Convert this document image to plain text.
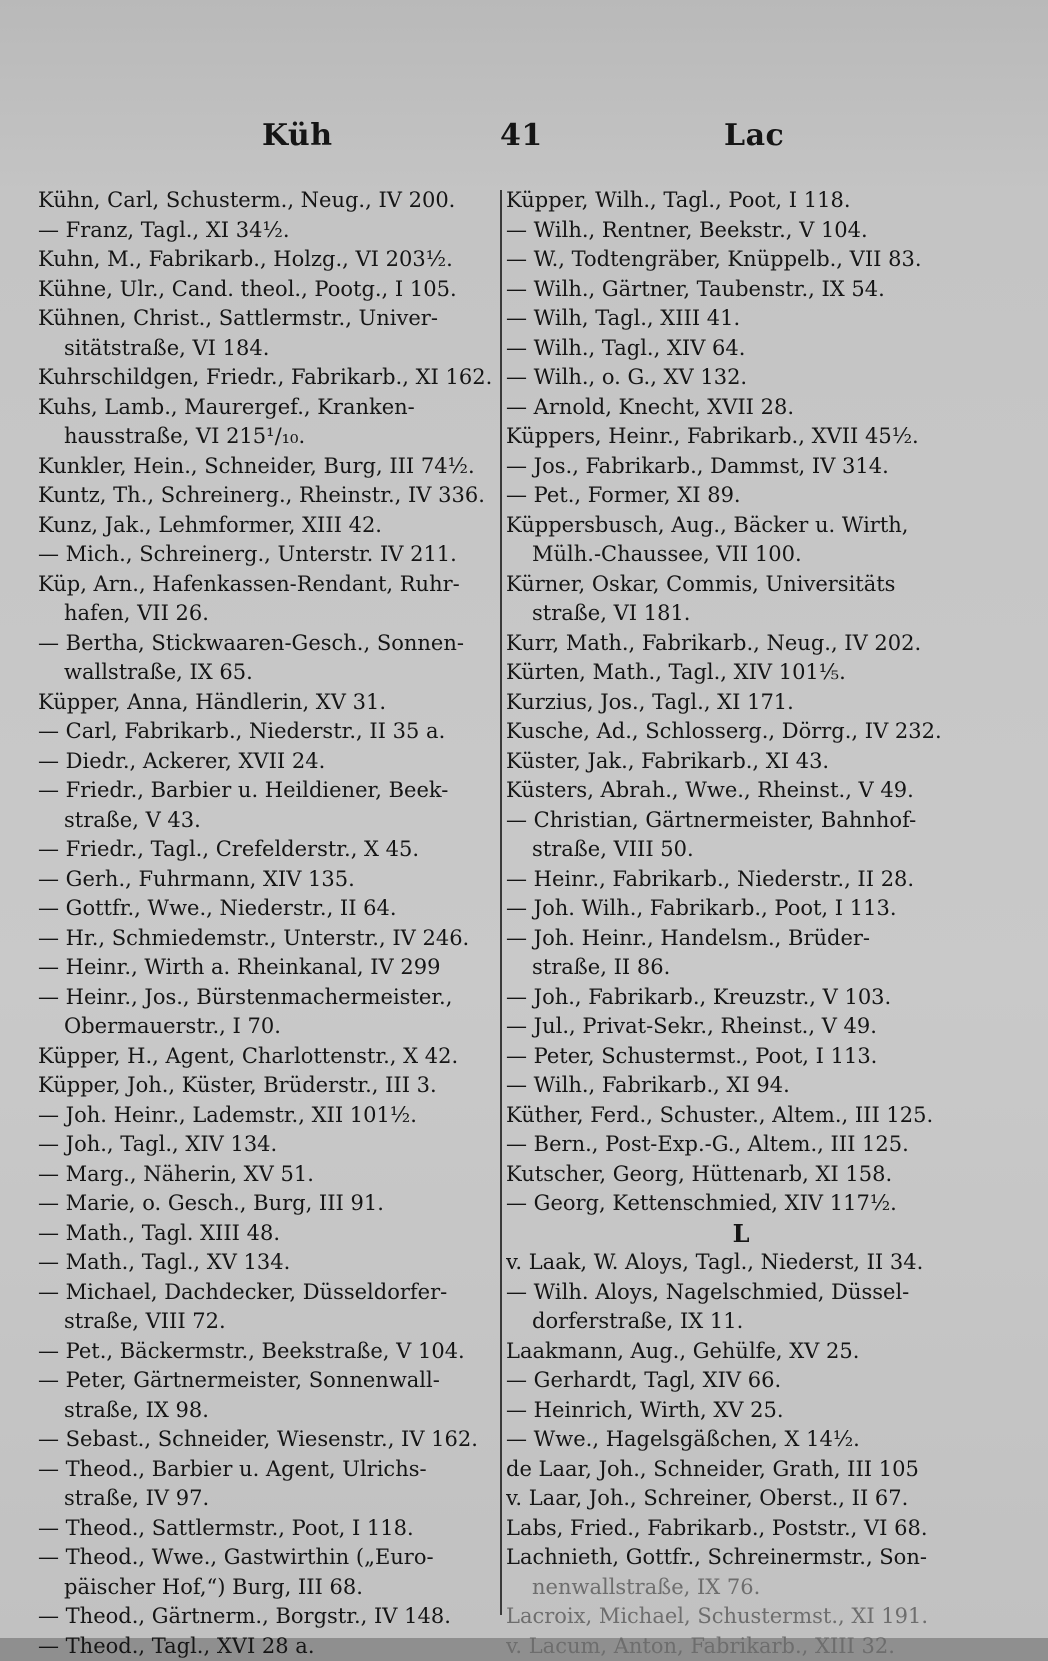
Küh	41	Lac
Kühn, Carl, Schusterm., Neug., IV 200.
— Franz, Tagl., XI 34½.
Kuhn, M., Fabrikarb., Holzg., VI 203½.
Kühne, Ulr., Cand. theol., Pootg., I 105.
Kühnen, Christ., Sattlermstr., Univer-
sitätstraße, VI 184.
Kuhrschildgen, Friedr., Fabrikarb., XI 162.
Kuhs, Lamb., Maurergef., Kranken-
hausstraße, VI 215¹/₁₀.
Kunkler, Hein., Schneider, Burg, III 74½.
Kuntz, Th., Schreinerg., Rheinstr., IV 336.
Kunz, Jak., Lehmformer, XIII 42.
— Mich., Schreinerg., Unterstr. IV 211.
Küp, Arn., Hafenkassen-Rendant, Ruhr-
hafen, VII 26.
— Bertha, Stickwaaren-Gesch., Sonnen-
wallstraße, IX 65.
Küpper, Anna, Händlerin, XV 31.
— Carl, Fabrikarb., Niederstr., II 35 a.
— Diedr., Ackerer, XVII 24.
— Friedr., Barbier u. Heildiener, Beek-
straße, V 43.
— Friedr., Tagl., Crefelderstr., X 45.
— Gerh., Fuhrmann, XIV 135.
— Gottfr., Wwe., Niederstr., II 64.
— Hr., Schmiedemstr., Unterstr., IV 246.
— Heinr., Wirth a. Rheinkanal, IV 299
— Heinr., Jos., Bürstenmachermeister.,
Obermauerstr., I 70.
Küpper, H., Agent, Charlottenstr., X 42.
Küpper, Joh., Küster, Brüderstr., III 3.
— Joh. Heinr., Lademstr., XII 101½.
— Joh., Tagl., XIV 134.
— Marg., Näherin, XV 51.
— Marie, o. Gesch., Burg, III 91.
— Math., Tagl. XIII 48.
— Math., Tagl., XV 134.
— Michael, Dachdecker, Düsseldorfer-
straße, VIII 72.
— Pet., Bäckermstr., Beekstraße, V 104.
— Peter, Gärtnermeister, Sonnenwall-
straße, IX 98.
— Sebast., Schneider, Wiesenstr., IV 162.
— Theod., Barbier u. Agent, Ulrichs-
straße, IV 97.
— Theod., Sattlermstr., Poot, I 118.
— Theod., Wwe., Gastwirthin („Euro-
päischer Hof,“) Burg, III 68.
— Theod., Gärtnerm., Borgstr., IV 148.
— Theod., Tagl., XVI 28 a.
Küpper, Wilh., Tagl., Poot, I 118.
— Wilh., Rentner, Beekstr., V 104.
— W., Todtengräber, Knüppelb., VII 83.
— Wilh., Gärtner, Taubenstr., IX 54.
— Wilh, Tagl., XIII 41.
— Wilh., Tagl., XIV 64.
— Wilh., o. G., XV 132.
— Arnold, Knecht, XVII 28.
Küppers, Heinr., Fabrikarb., XVII 45½.
— Jos., Fabrikarb., Dammst, IV 314.
— Pet., Former, XI 89.
Küppersbusch, Aug., Bäcker u. Wirth,
Mülh.-Chaussee, VII 100.
Kürner, Oskar, Commis, Universitäts
straße, VI 181.
Kurr, Math., Fabrikarb., Neug., IV 202.
Kürten, Math., Tagl., XIV 101⅕.
Kurzius, Jos., Tagl., XI 171.
Kusche, Ad., Schlosserg., Dörrg., IV 232.
Küster, Jak., Fabrikarb., XI 43.
Küsters, Abrah., Wwe., Rheinst., V 49.
— Christian, Gärtnermeister, Bahnhof-
straße, VIII 50.
— Heinr., Fabrikarb., Niederstr., II 28.
— Joh. Wilh., Fabrikarb., Poot, I 113.
— Joh. Heinr., Handelsm., Brüder-
straße, II 86.
— Joh., Fabrikarb., Kreuzstr., V 103.
— Jul., Privat-Sekr., Rheinst., V 49.
— Peter, Schustermst., Poot, I 113.
— Wilh., Fabrikarb., XI 94.
Küther, Ferd., Schuster., Altem., III 125.
— Bern., Post-Exp.-G., Altem., III 125.
Kutscher, Georg, Hüttenarb, XI 158.
— Georg, Kettenschmied, XIV 117½.
L
v. Laak, W. Aloys, Tagl., Niederst, II 34.
— Wilh. Aloys, Nagelschmied, Düssel-
dorferstraße, IX 11.
Laakmann, Aug., Gehülfe, XV 25.
— Gerhardt, Tagl, XIV 66.
— Heinrich, Wirth, XV 25.
— Wwe., Hagelsgäßchen, X 14½.
de Laar, Joh., Schneider, Grath, III 105
v. Laar, Joh., Schreiner, Oberst., II 67.
Labs, Fried., Fabrikarb., Poststr., VI 68.
Lachnieth, Gottfr., Schreinermstr., Son-
nenwallstraße, IX 76.
Lacroix, Michael, Schustermst., XI 191.
v. Lacum, Anton, Fabrikarb., XIII 32.
